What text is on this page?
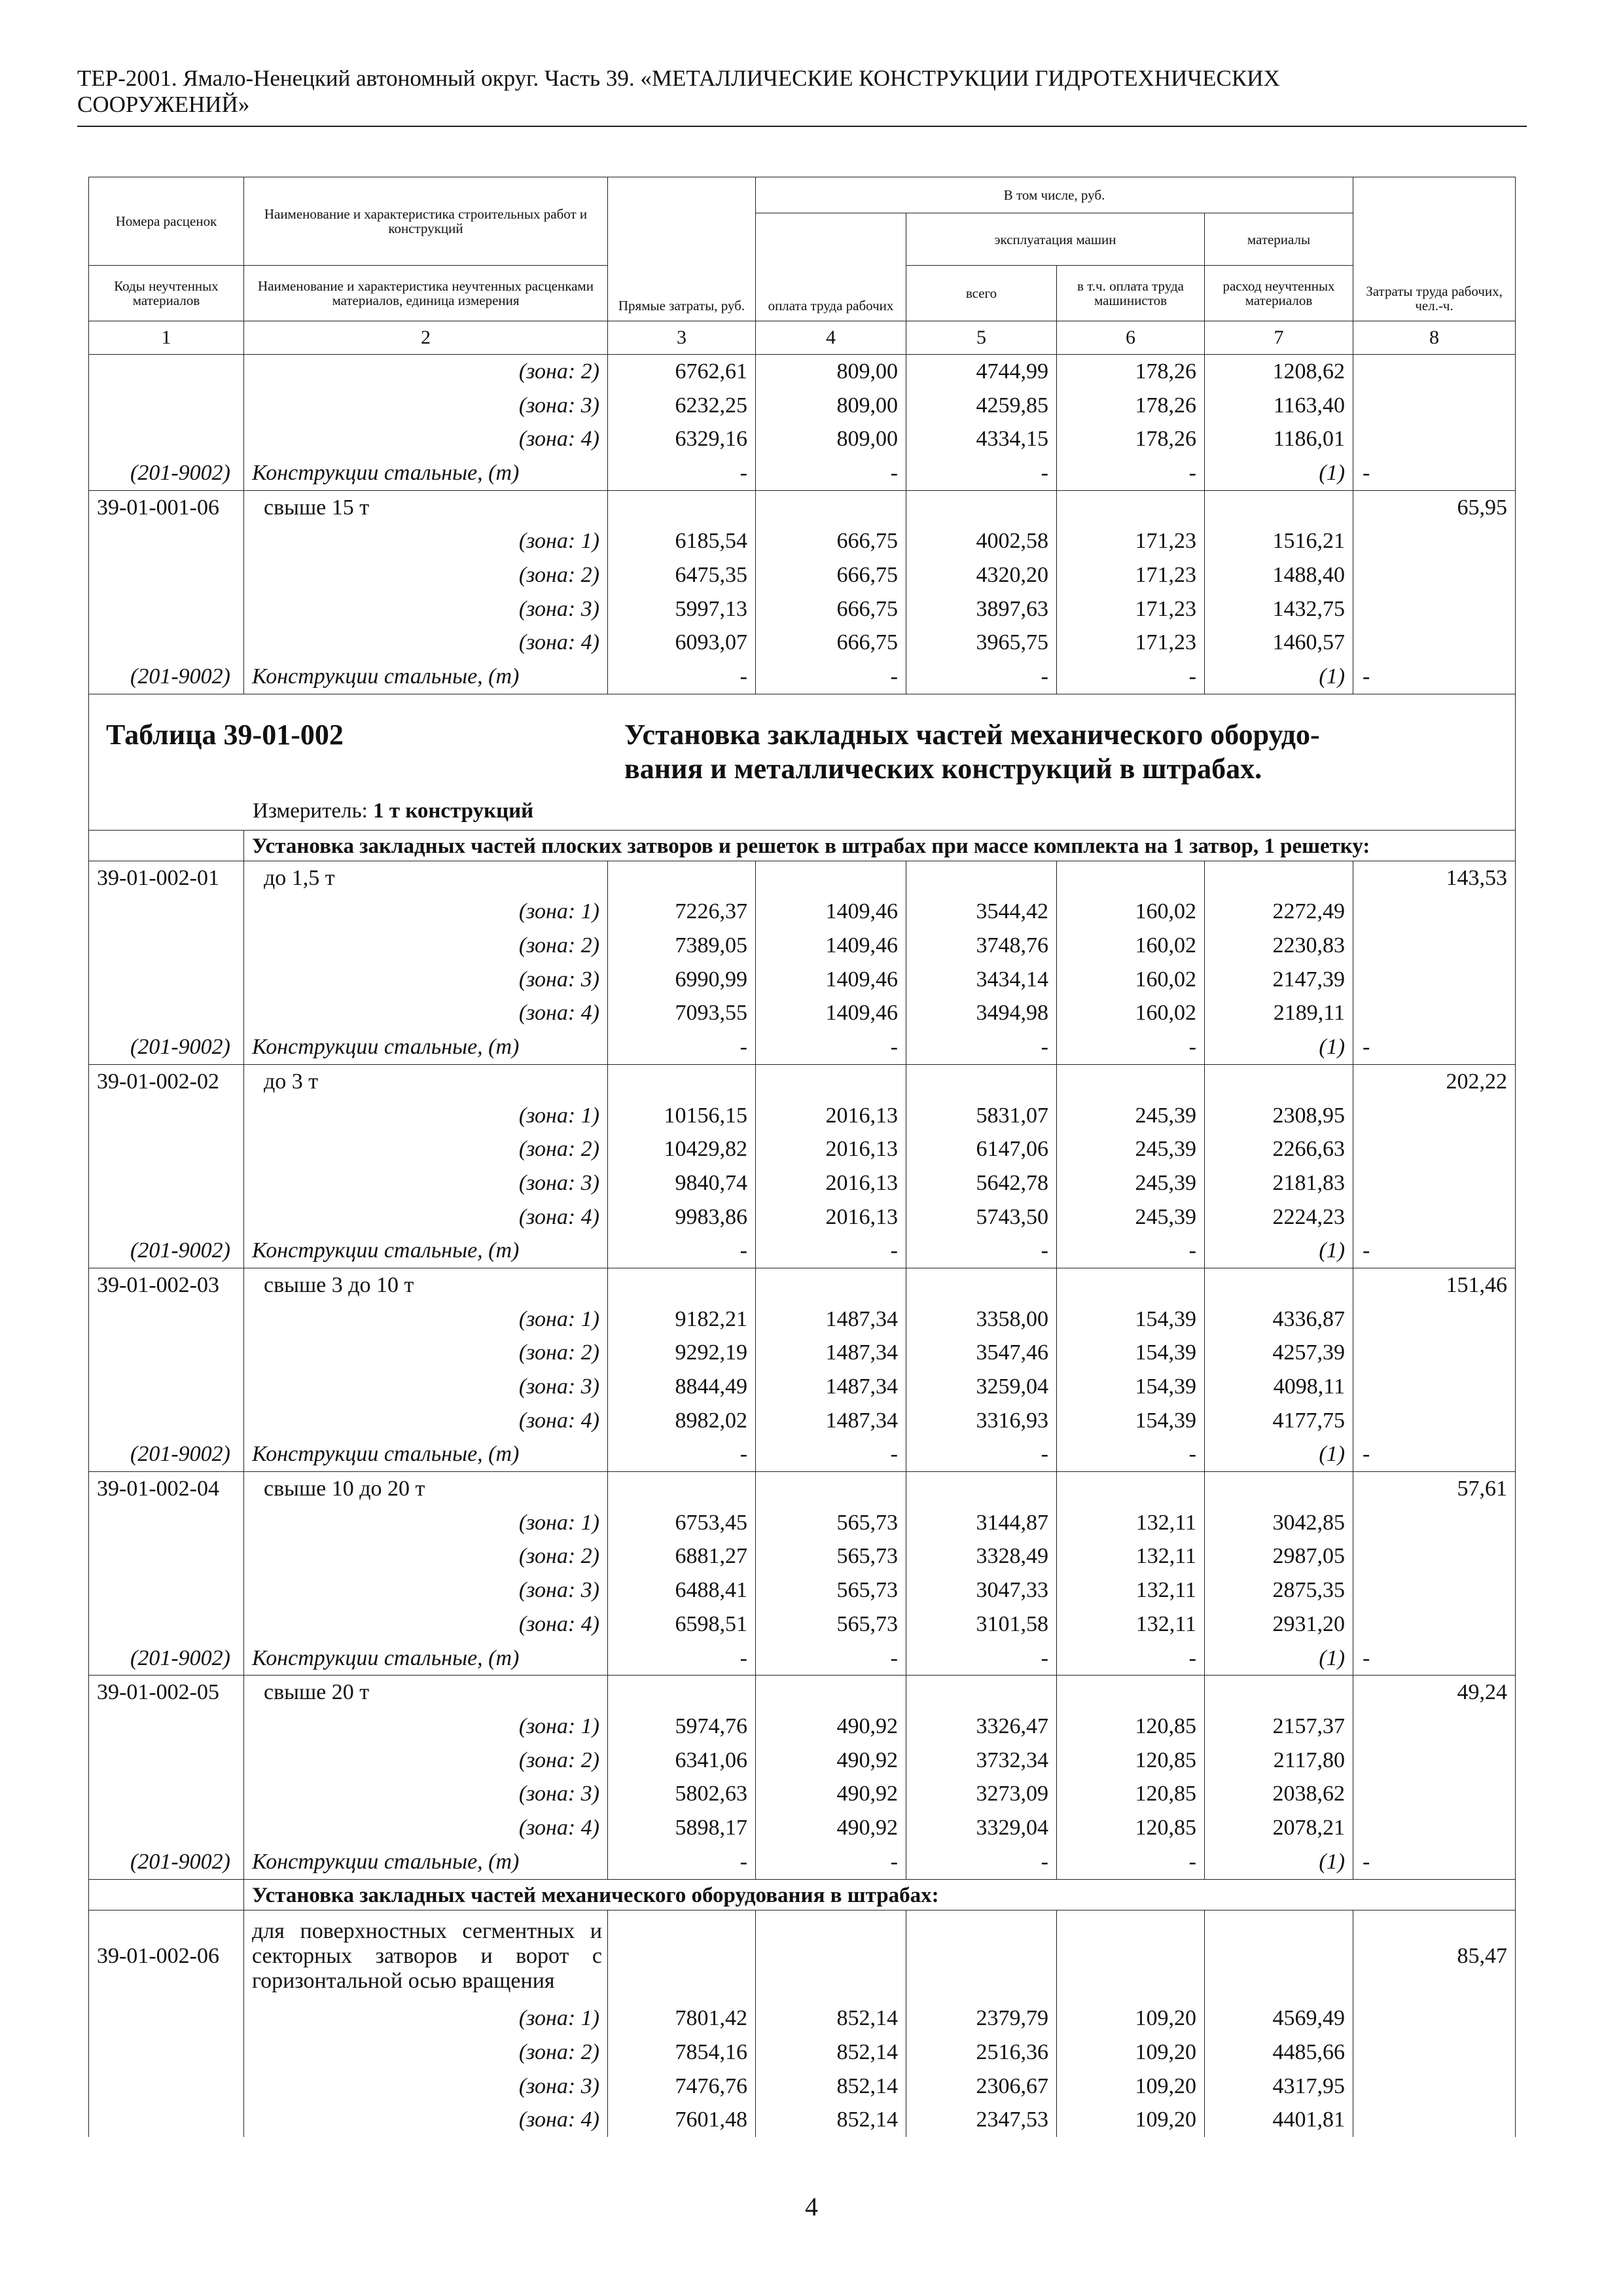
ТЕР-2001. Ямало-Ненецкий автономный округ. Часть 39. «МЕТАЛЛИЧЕСКИЕ КОНСТРУКЦИИ ГИДРОТЕХНИЧЕСКИХ
СООРУЖЕНИЙ»
Номера расценок	Наименование и характеристика строительных работ и конструкций	Прямые затраты, руб.	В том числе, руб.				Затраты труда рабочих, чел.-ч.
			оплата труда рабочих	эксплуатация машин		материалы	
Коды неучтенных материалов	Наименование и характеристика неучтенных расценками материалов, единица измерения			всего	в т.ч. оплата труда машинистов	расход неучтенных материалов	
1	2	3	4	5	6	7	8
	(зона: 2)	6762,61	809,00	4744,99	178,26	1208,62	
	(зона: 3)	6232,25	809,00	4259,85	178,26	1163,40	
	(зона: 4)	6329,16	809,00	4334,15	178,26	1186,01	
(201-9002)	Конструкции стальные, (т)	-	-	-	-	(1)	-
39-01-001-06	свыше 15 т						65,95
	(зона: 1)	6185,54	666,75	4002,58	171,23	1516,21	
	(зона: 2)	6475,35	666,75	4320,20	171,23	1488,40	
	(зона: 3)	5997,13	666,75	3897,63	171,23	1432,75	
	(зона: 4)	6093,07	666,75	3965,75	171,23	1460,57	
(201-9002)	Конструкции стальные, (т)	-	-	-	-	(1)	-

Таблица 39-01-002 Установка закладных частей механического оборудо-
вания и металлических конструкций в штрабах.
Измеритель: 1 т конструкций							

	Установка закладных частей плоских затворов и решеток в штрабах при массе комплекта на 1 затвор, 1 решетку:						
39-01-002-01	до 1,5 т						143,53
	(зона: 1)	7226,37	1409,46	3544,42	160,02	2272,49	
	(зона: 2)	7389,05	1409,46	3748,76	160,02	2230,83	
	(зона: 3)	6990,99	1409,46	3434,14	160,02	2147,39	
	(зона: 4)	7093,55	1409,46	3494,98	160,02	2189,11	
(201-9002)	Конструкции стальные, (т)	-	-	-	-	(1)	-
39-01-002-02	до 3 т						202,22
	(зона: 1)	10156,15	2016,13	5831,07	245,39	2308,95	
	(зона: 2)	10429,82	2016,13	6147,06	245,39	2266,63	
	(зона: 3)	9840,74	2016,13	5642,78	245,39	2181,83	
	(зона: 4)	9983,86	2016,13	5743,50	245,39	2224,23	
(201-9002)	Конструкции стальные, (т)	-	-	-	-	(1)	-
39-01-002-03	свыше 3 до 10 т						151,46
	(зона: 1)	9182,21	1487,34	3358,00	154,39	4336,87	
	(зона: 2)	9292,19	1487,34	3547,46	154,39	4257,39	
	(зона: 3)	8844,49	1487,34	3259,04	154,39	4098,11	
	(зона: 4)	8982,02	1487,34	3316,93	154,39	4177,75	
(201-9002)	Конструкции стальные, (т)	-	-	-	-	(1)	-
39-01-002-04	свыше 10 до 20 т						57,61
	(зона: 1)	6753,45	565,73	3144,87	132,11	3042,85	
	(зона: 2)	6881,27	565,73	3328,49	132,11	2987,05	
	(зона: 3)	6488,41	565,73	3047,33	132,11	2875,35	
	(зона: 4)	6598,51	565,73	3101,58	132,11	2931,20	
(201-9002)	Конструкции стальные, (т)	-	-	-	-	(1)	-
39-01-002-05	свыше 20 т						49,24
	(зона: 1)	5974,76	490,92	3326,47	120,85	2157,37	
	(зона: 2)	6341,06	490,92	3732,34	120,85	2117,80	
	(зона: 3)	5802,63	490,92	3273,09	120,85	2038,62	
	(зона: 4)	5898,17	490,92	3329,04	120,85	2078,21	
(201-9002)	Конструкции стальные, (т)	-	-	-	-	(1)	-
	Установка закладных частей механического оборудования в штрабах:						
39-01-002-06	для поверхностных сегментных и секторных затворов и ворот с горизонтальной осью вращения						85,47
	(зона: 1)	7801,42	852,14	2379,79	109,20	4569,49	
	(зона: 2)	7854,16	852,14	2516,36	109,20	4485,66	
	(зона: 3)	7476,76	852,14	2306,67	109,20	4317,95	
	(зона: 4)	7601,48	852,14	2347,53	109,20	4401,81	
4
